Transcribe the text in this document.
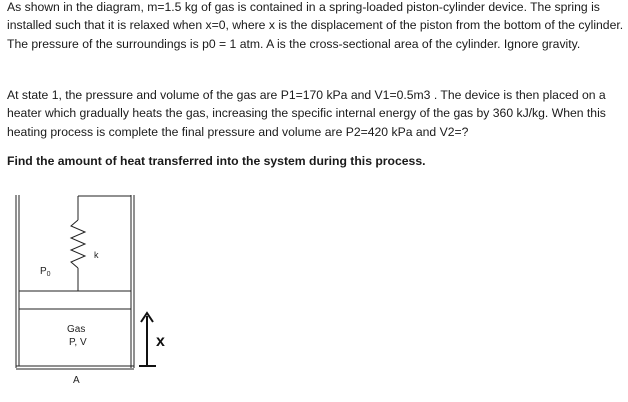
As shown in the diagram, m=1.5 kg of gas is contained in a spring-loaded piston-cylinder device. The spring is installed such that it is relaxed when x=0, where x is the displacement of the piston from the bottom of the cylinder. The pressure of the surroundings is p0 = 1 atm. A is the cross-sectional area of the cylinder. Ignore gravity.

At state 1, the pressure and volume of the gas are P1=170 kPa and V1=0.5m3 . The device is then placed on a heater which gradually heats the gas, increasing the specific internal energy of the gas by 360 kJ/kg. When this heating process is complete the final pressure and volume are P2=420 kPa and V2=?

Find the amount of heat transferred into the system during this process.

k
$P_0$
Gas
P, V
A
x
